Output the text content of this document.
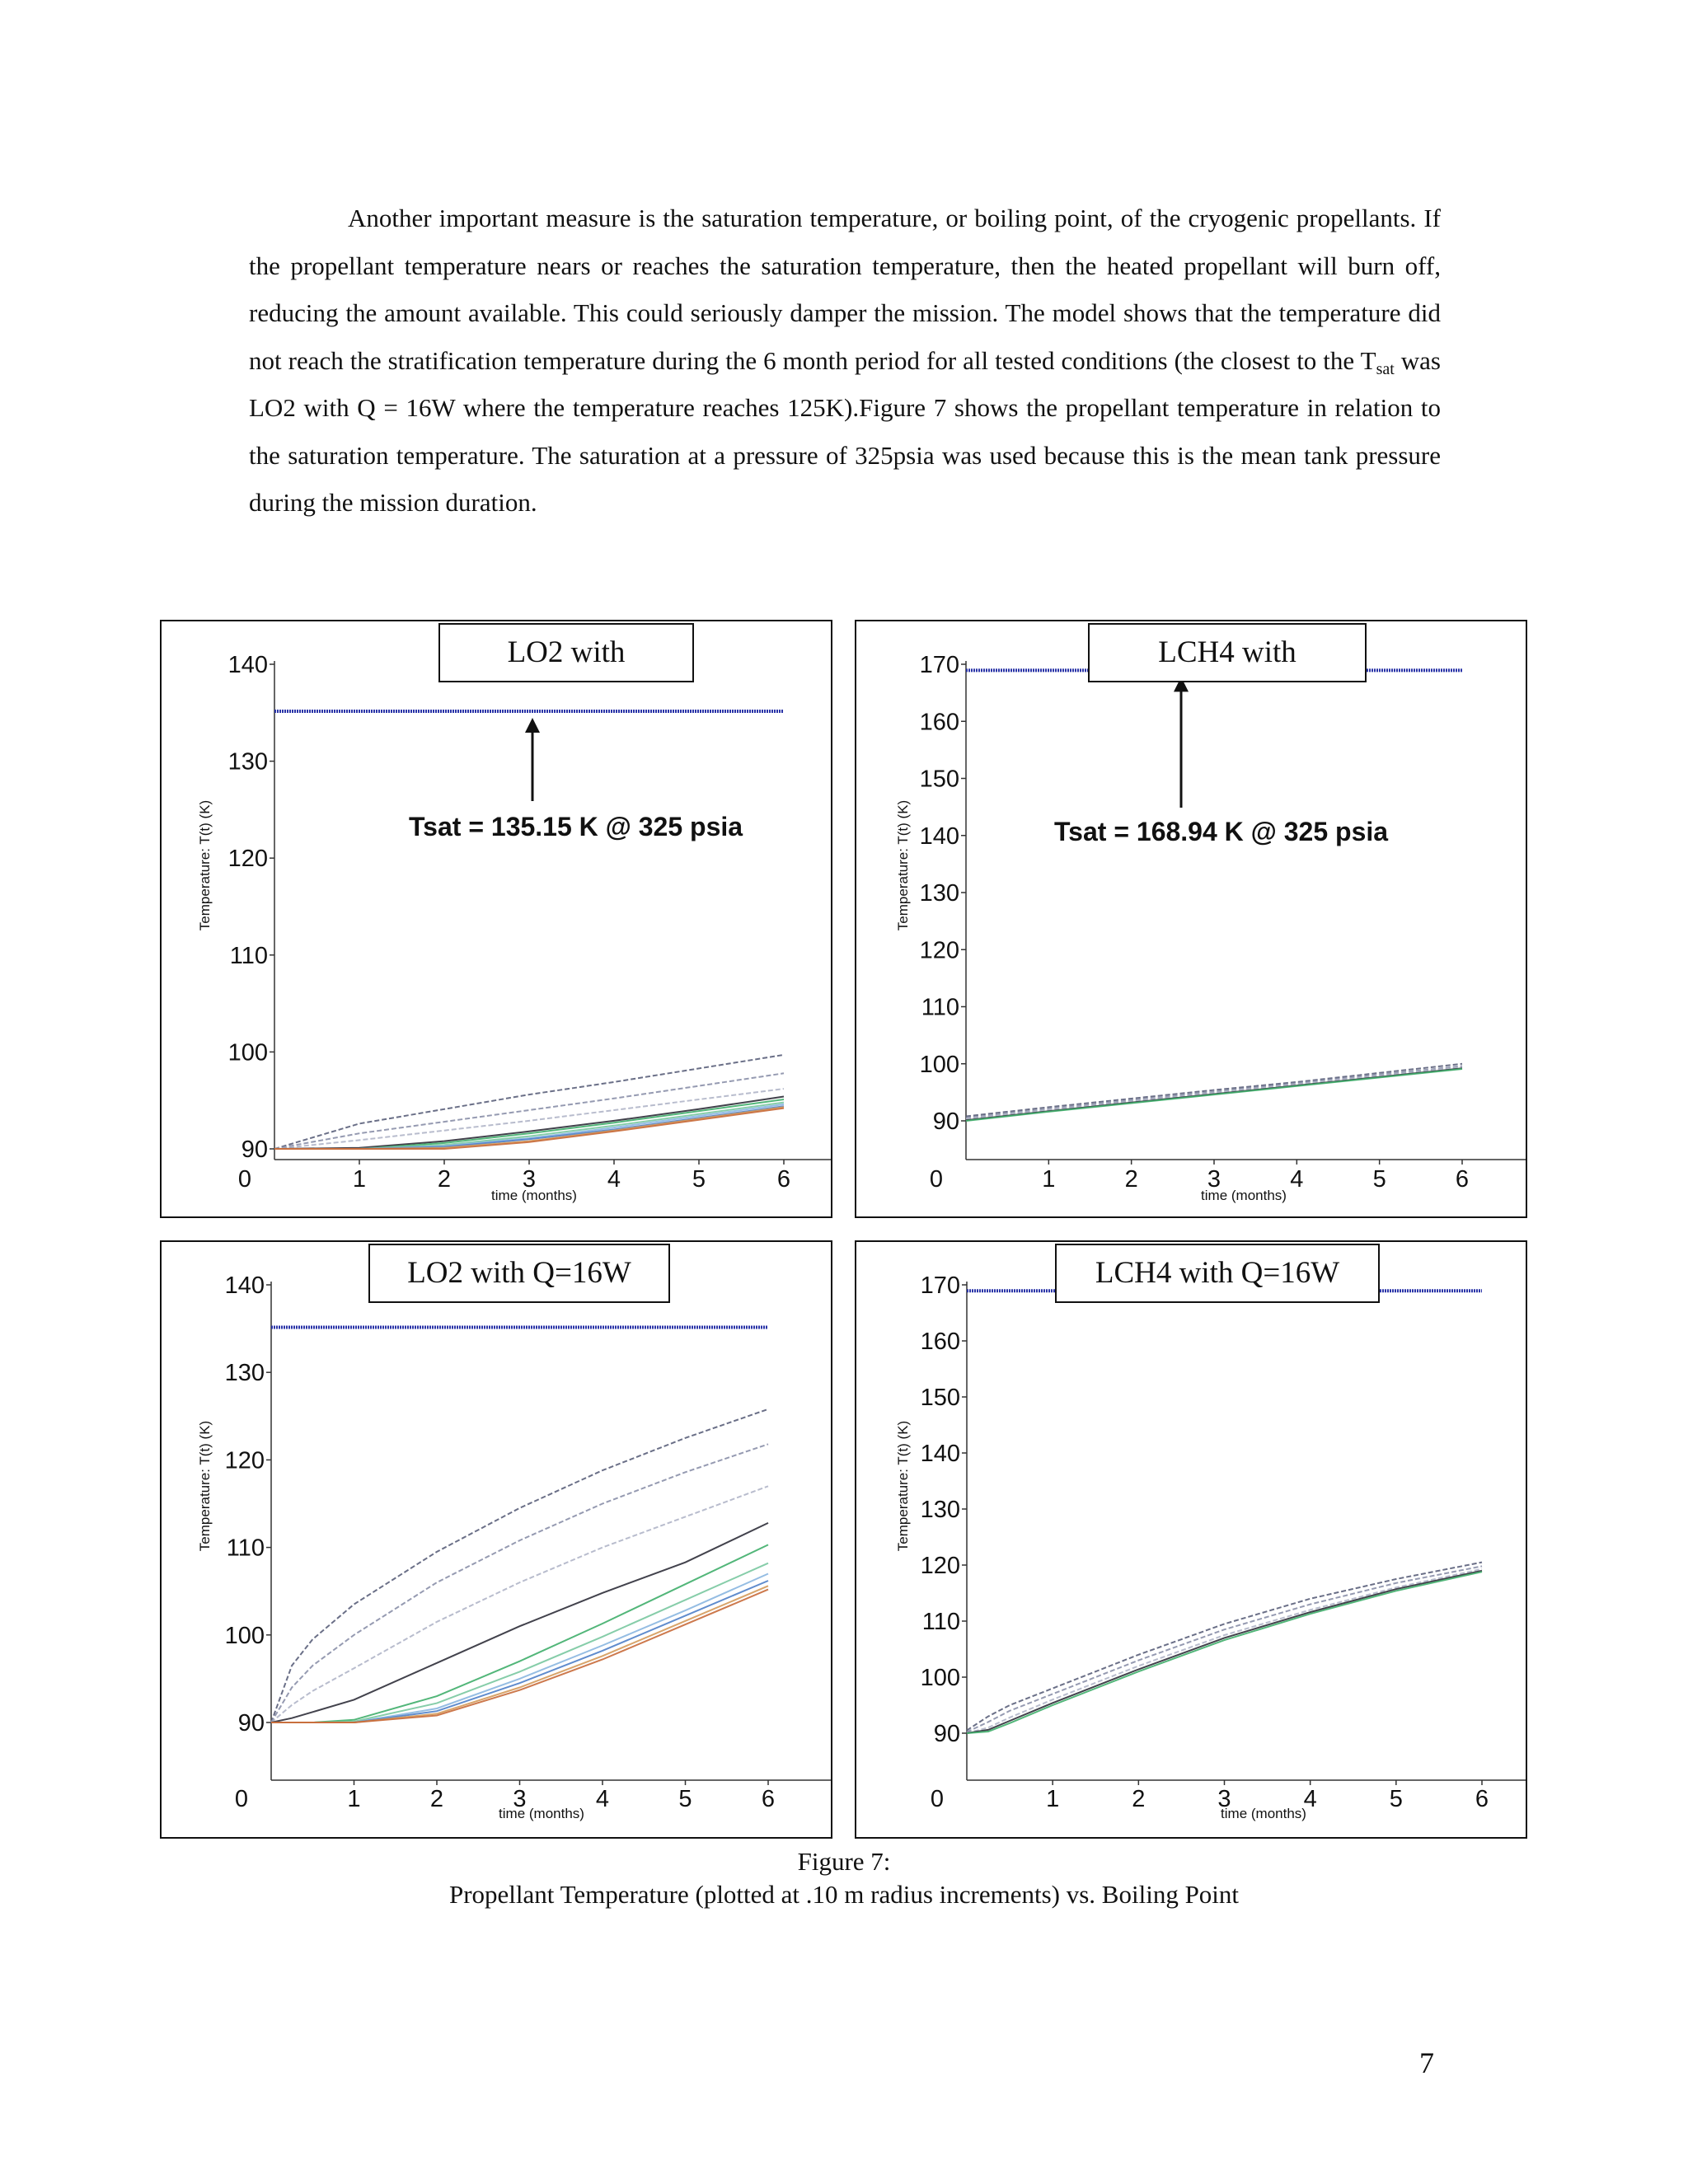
Another important measure is the saturation temperature, or boiling point, of the cryogenic propellants. If the propellant temperature nears or reaches the saturation temperature, then the heated propellant will burn off, reducing the amount available. This could seriously damper the mission. The model shows that the temperature did not reach the stratification temperature during the 6 month period for all tested conditions (the closest to the $T_{sat}$ was LO2 with Q = 16W where the temperature reaches 125K).Figure 7 shows the propellant temperature in relation to the saturation temperature. The saturation at a pressure of 325psia was used because this is the mean tank pressure during the mission duration.

90
100
110
120
130
140
0	1	2	3	4	5	6
time (months)
Temperature: T(t) (K)	Tsat = 135.15 K @ 325 psia
LO2 with
90
100
110
120
130
140
150
160
170
0	1	2	3	4	5	6
time (months)
Temperature: T(t) (K)	Tsat = 168.94 K @ 325 psia
LCH4 with
90
100
110
120
130
140
0	1	2	3	4	5	6
time (months)
Temperature: T(t) (K)
LO2 with Q=16W
90
100
110
120
130
140
150
160
170
0	1	2	3	4	5	6
time (months)
Temperature: T(t) (K)
LCH4 with Q=16W
Figure 7:
Propellant Temperature (plotted at .10 m radius increments) vs. Boiling Point
7
